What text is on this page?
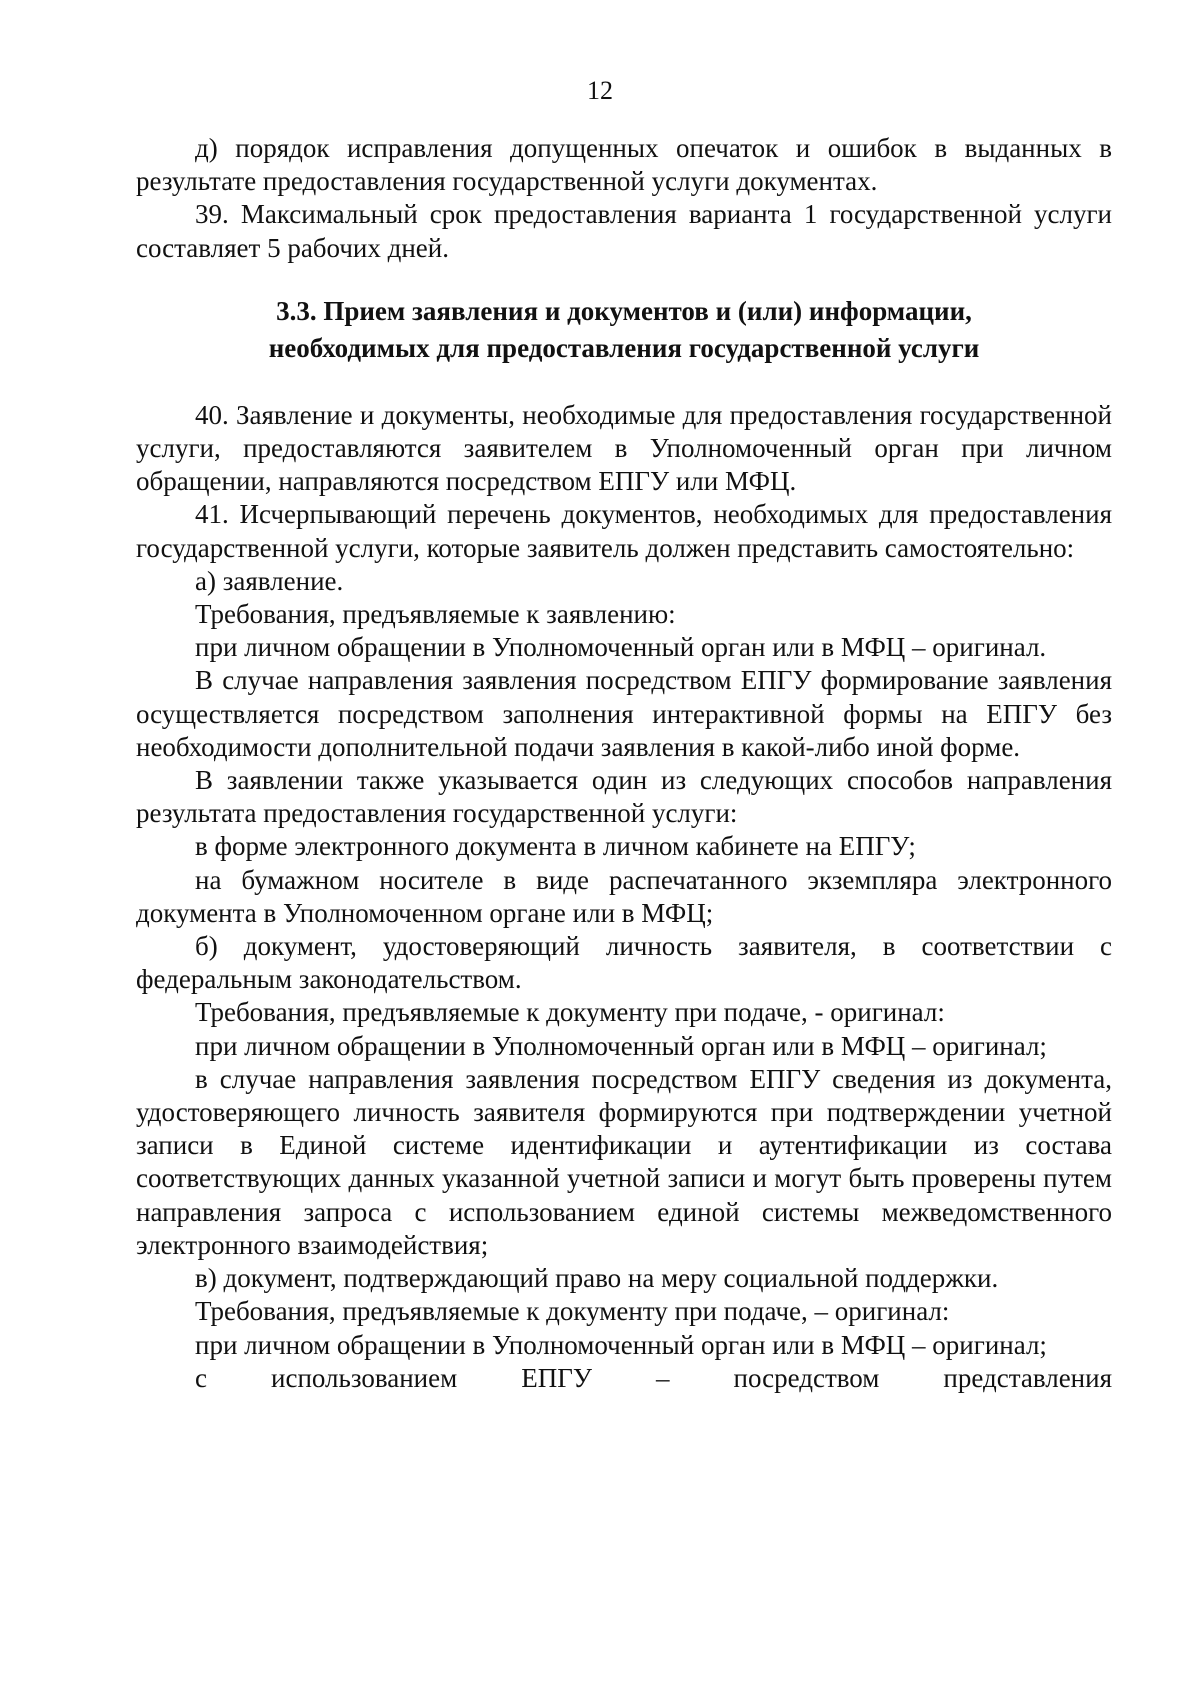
12

д) порядок исправления допущенных опечаток и ошибок в выданных в результате предоставления государственной услуги документах.

39. Максимальный срок предоставления варианта 1 государственной услуги составляет 5 рабочих дней.

3.3. Прием заявления и документов и (или) информации,
необходимых для предоставления государственной услуги

40. Заявление и документы, необходимые для предоставления государственной услуги, предоставляются заявителем в Уполномоченный орган при личном обращении, направляются посредством ЕПГУ или МФЦ.

41. Исчерпывающий перечень документов, необходимых для предоставления государственной услуги, которые заявитель должен представить самостоятельно:

а) заявление.

Требования, предъявляемые к заявлению:

при личном обращении в Уполномоченный орган или в МФЦ – оригинал.

В случае направления заявления посредством ЕПГУ формирование заявления осуществляется посредством заполнения интерактивной формы на ЕПГУ без необходимости дополнительной подачи заявления в какой-либо иной форме.

В заявлении также указывается один из следующих способов направления результата предоставления государственной услуги:

в форме электронного документа в личном кабинете на ЕПГУ;

на бумажном носителе в виде распечатанного экземпляра электронного документа в Уполномоченном органе или в МФЦ;

б) документ, удостоверяющий личность заявителя, в соответствии с федеральным законодательством.

Требования, предъявляемые к документу при подаче, - оригинал:

при личном обращении в Уполномоченный орган или в МФЦ – оригинал;

в случае направления заявления посредством ЕПГУ сведения из документа, удостоверяющего личность заявителя формируются при подтверждении учетной записи в Единой системе идентификации и аутентификации из состава соответствующих данных указанной учетной записи и могут быть проверены путем направления запроса с использованием единой системы межведомственного электронного взаимодействия;

в) документ, подтверждающий право на меру социальной поддержки.

Требования, предъявляемые к документу при подаче, – оригинал:

при личном обращении в Уполномоченный орган или в МФЦ – оригинал;

с использованием ЕПГУ – посредством представления
